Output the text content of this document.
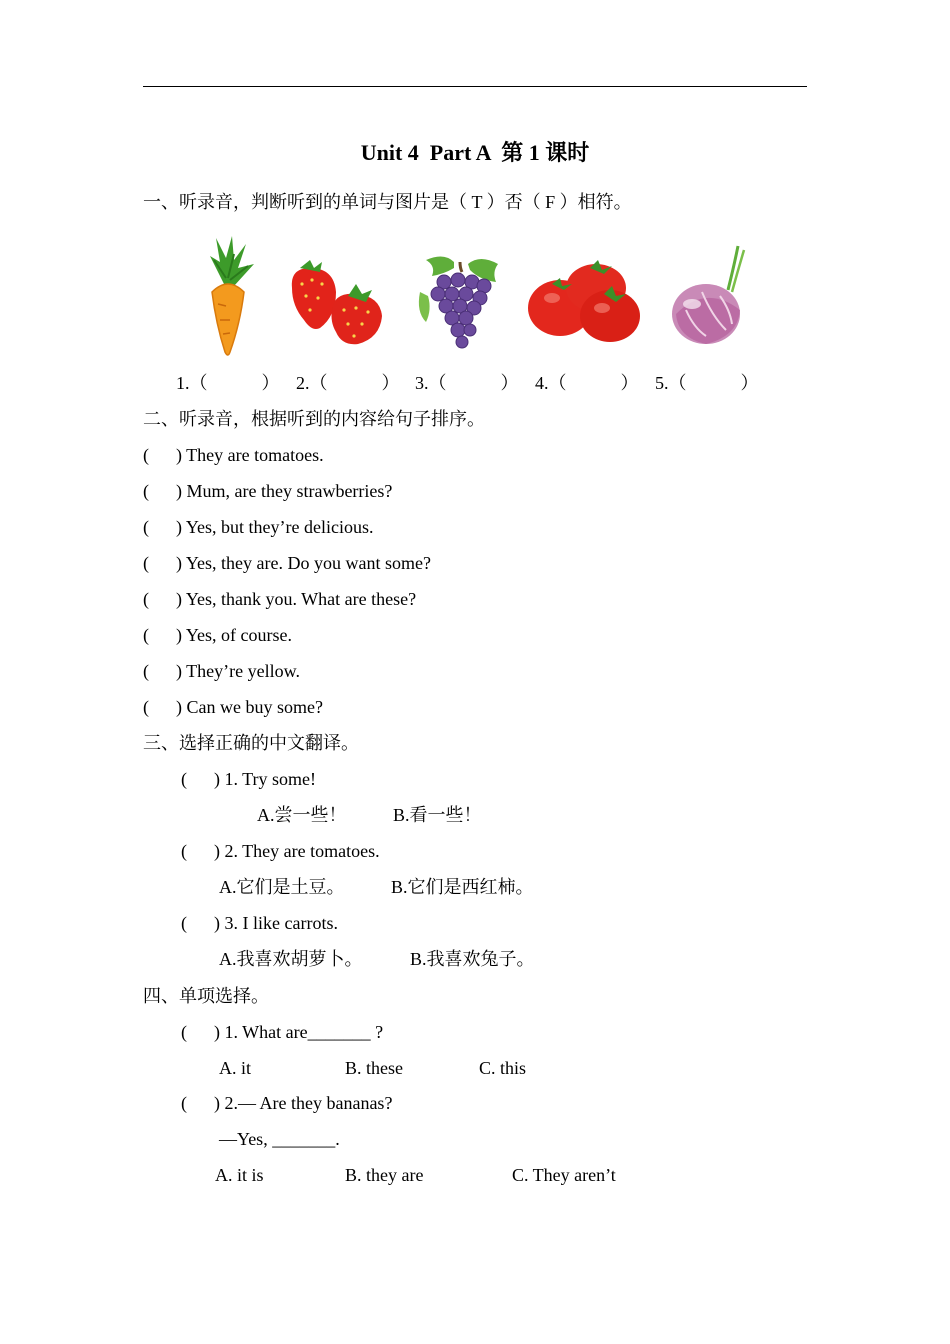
Unit 4  Part A  第 1 课时
一、听录音，判断听到的单词与图片是（ T ）否（ F ）相符。
1.（            ） 2.（            ） 3.（            ） 4.（            ） 5.（            ）
二、听录音，根据听到的内容给句子排序。
(      ) They are tomatoes.
(      ) Mum, are they strawberries?
(      ) Yes, but they’re delicious.
(      ) Yes, they are. Do you want some?
(      ) Yes, thank you. What are these?
(      ) Yes, of course.
(      ) They’re yellow.
(      ) Can we buy some?
三、选择正确的中文翻译。
(      ) 1. Try some!
A.尝一些！	B.看一些！
(      ) 2. They are tomatoes.
A.它们是土豆。	B.它们是西红柿。
(      ) 3. I like carrots.
A.我喜欢胡萝卜。	B.我喜欢兔子。
四、单项选择。
(      ) 1. What are_______ ?
A. it	B. these	C. this
(      ) 2.— Are they bananas?
—Yes, _______.
A. it is	B. they are	C. They aren’t
